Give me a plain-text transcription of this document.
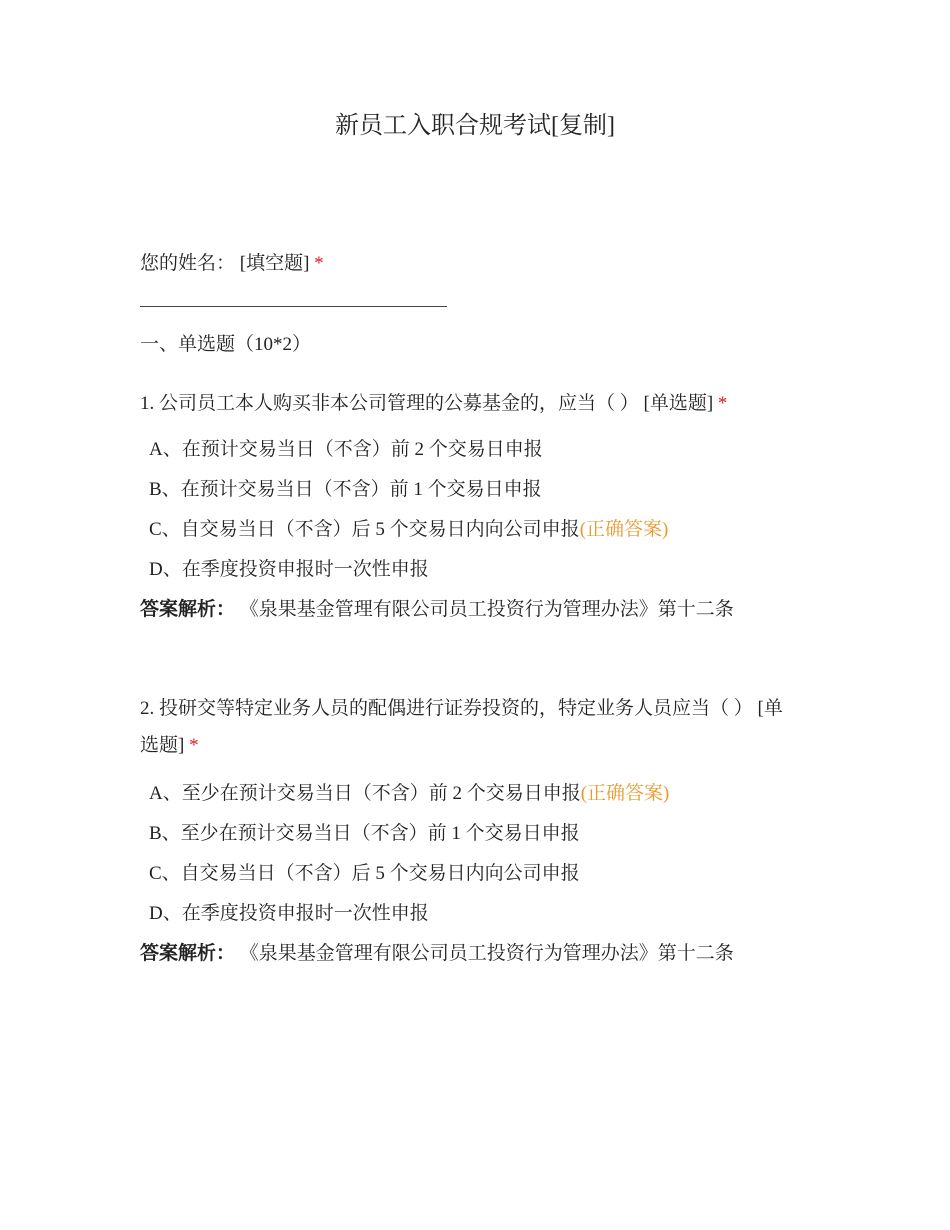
新员工入职合规考试[复制]
您的姓名： [填空题] *
一、单选题（10*2）
1. 公司员工本人购买非本公司管理的公募基金的，应当（ ） [单选题] *
A、在预计交易当日（不含）前 2 个交易日申报
B、在预计交易当日（不含）前 1 个交易日申报
C、自交易当日（不含）后 5 个交易日内向公司申报(正确答案)
D、在季度投资申报时一次性申报
答案解析： 《泉果基金管理有限公司员工投资行为管理办法》第十二条
2. 投研交等特定业务人员的配偶进行证券投资的，特定业务人员应当（ ） [单选题] *
A、至少在预计交易当日（不含）前 2 个交易日申报(正确答案)
B、至少在预计交易当日（不含）前 1 个交易日申报
C、自交易当日（不含）后 5 个交易日内向公司申报
D、在季度投资申报时一次性申报
答案解析： 《泉果基金管理有限公司员工投资行为管理办法》第十二条
